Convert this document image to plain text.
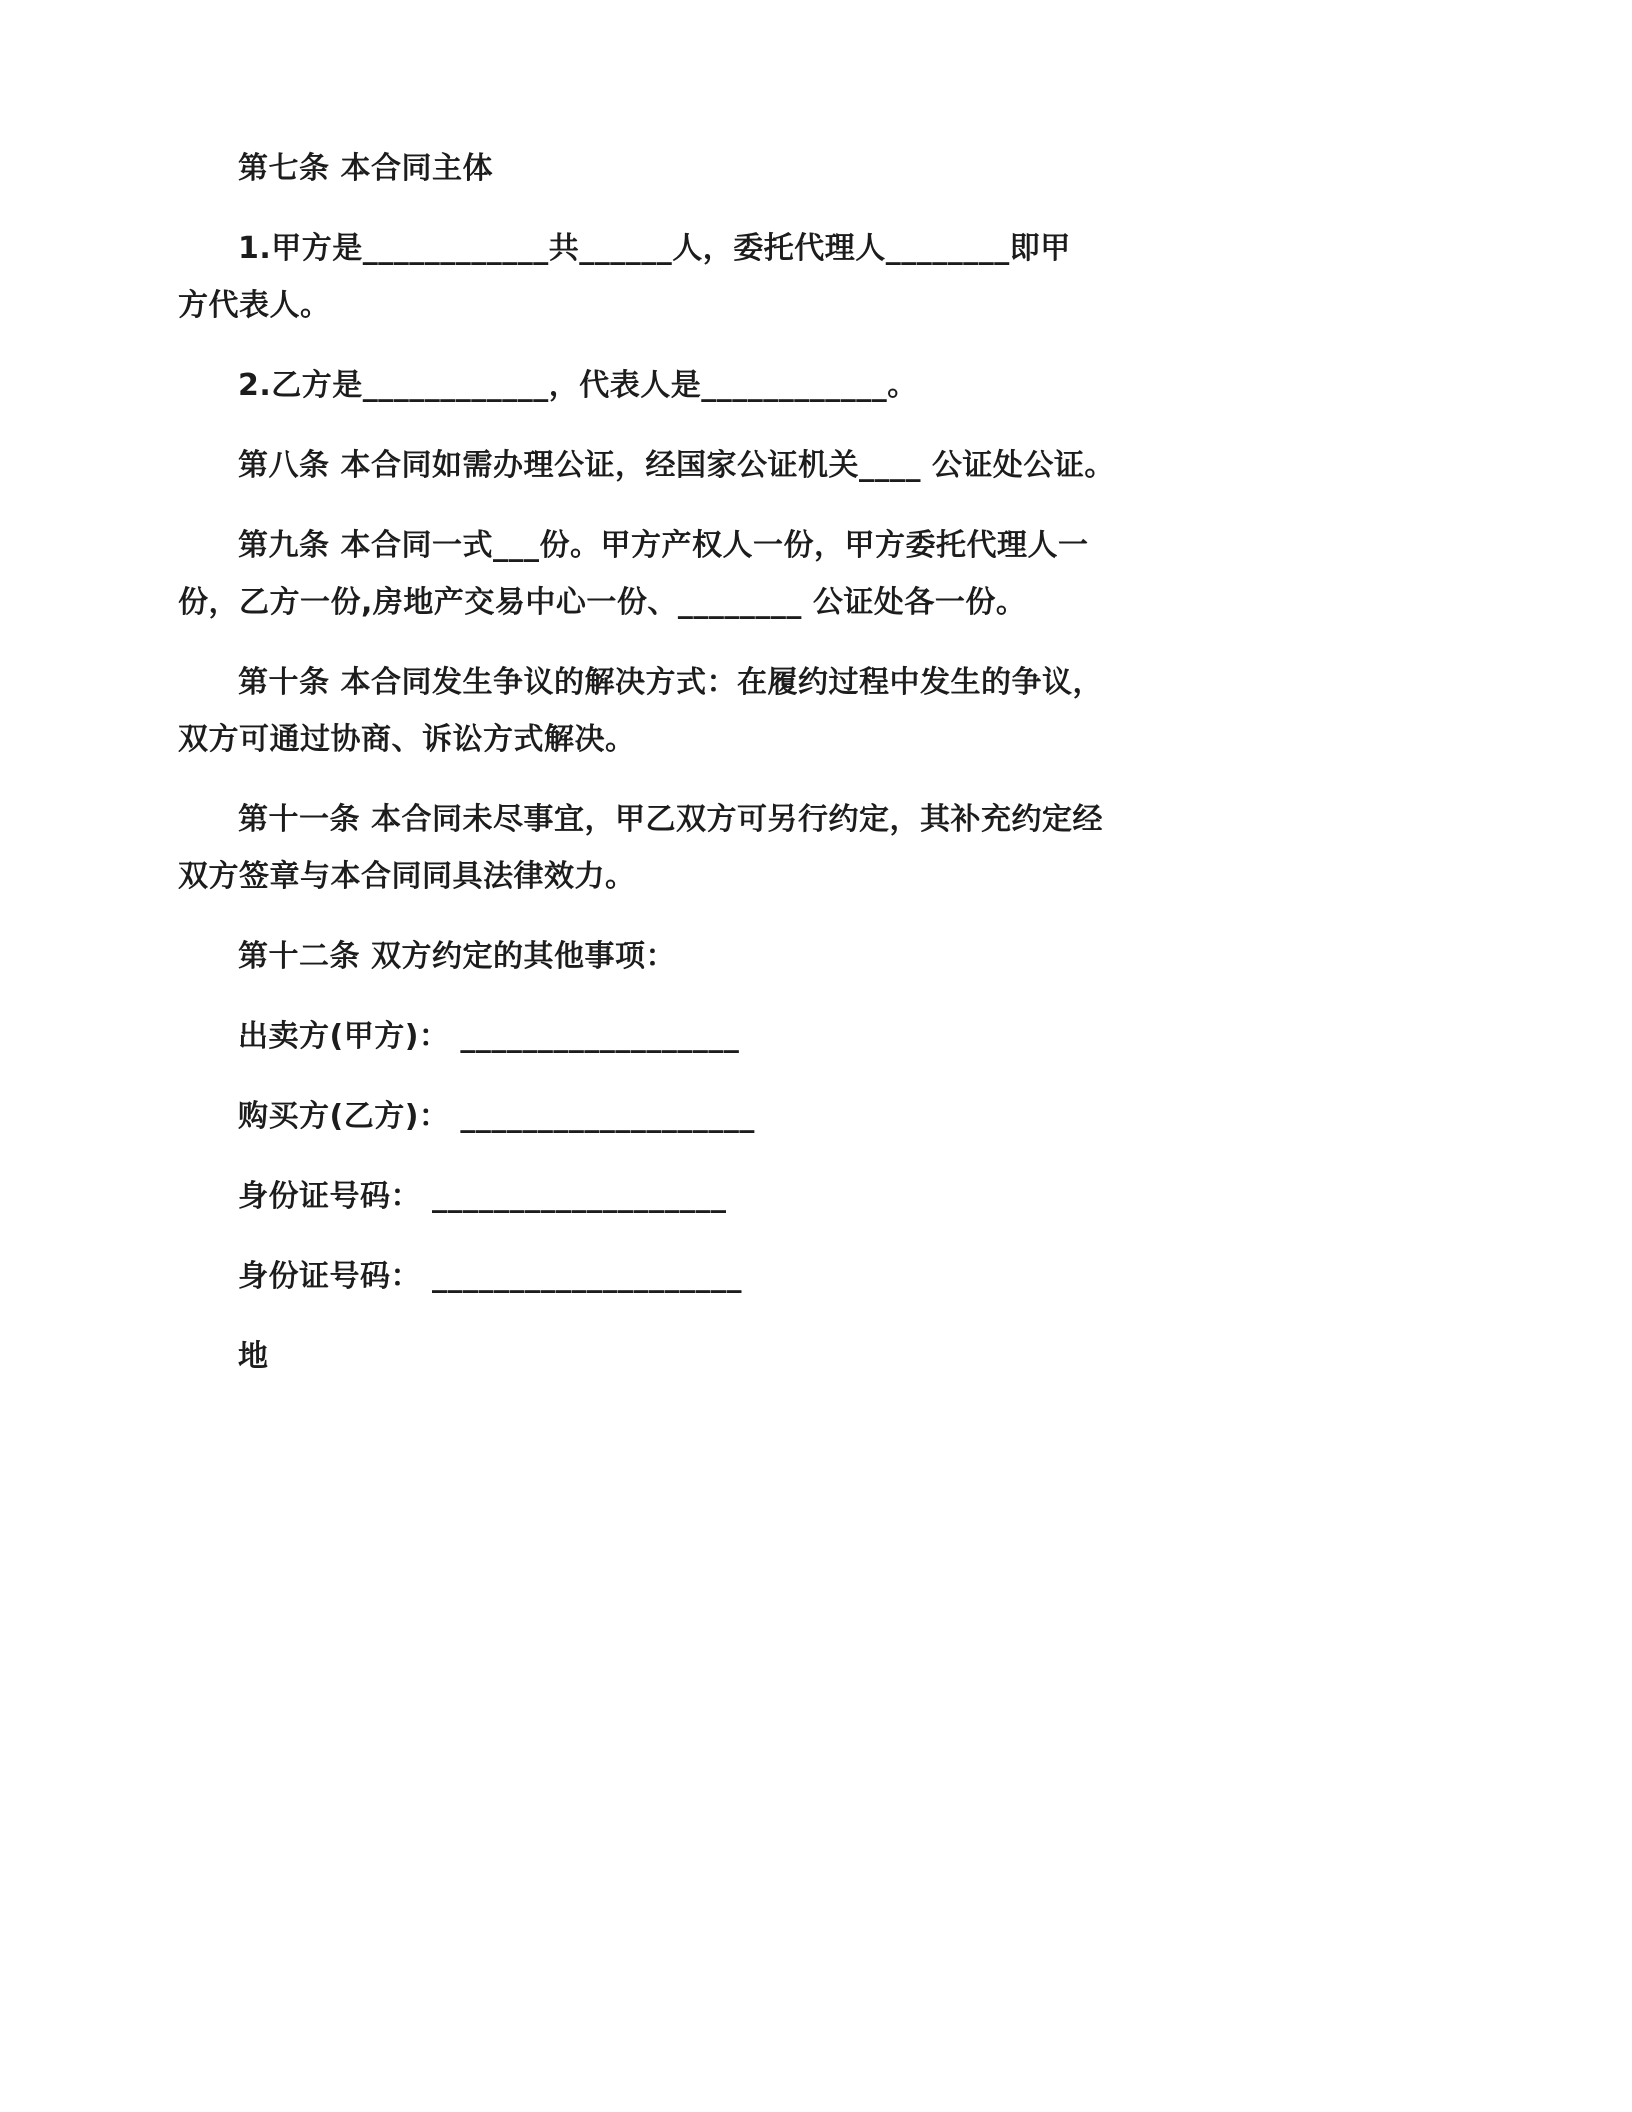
第七条 本合同主体
1.甲方是____________共______人，委托代理人________即甲
方代表人。
2.乙方是____________，代表人是____________。
第八条 本合同如需办理公证，经国家公证机关____ 公证处公证。
第九条 本合同一式___份。甲方产权人一份，甲方委托代理人一
份，乙方一份,房地产交易中心一份、________ 公证处各一份。
第十条 本合同发生争议的解决方式：在履约过程中发生的争议，
双方可通过协商、诉讼方式解决。
第十一条 本合同未尽事宜，甲乙双方可另行约定，其补充约定经
双方签章与本合同同具法律效力。
第十二条 双方约定的其他事项：
出卖方(甲方)： __________________
购买方(乙方)： ___________________
身份证号码： ___________________
身份证号码： ____________________
地
